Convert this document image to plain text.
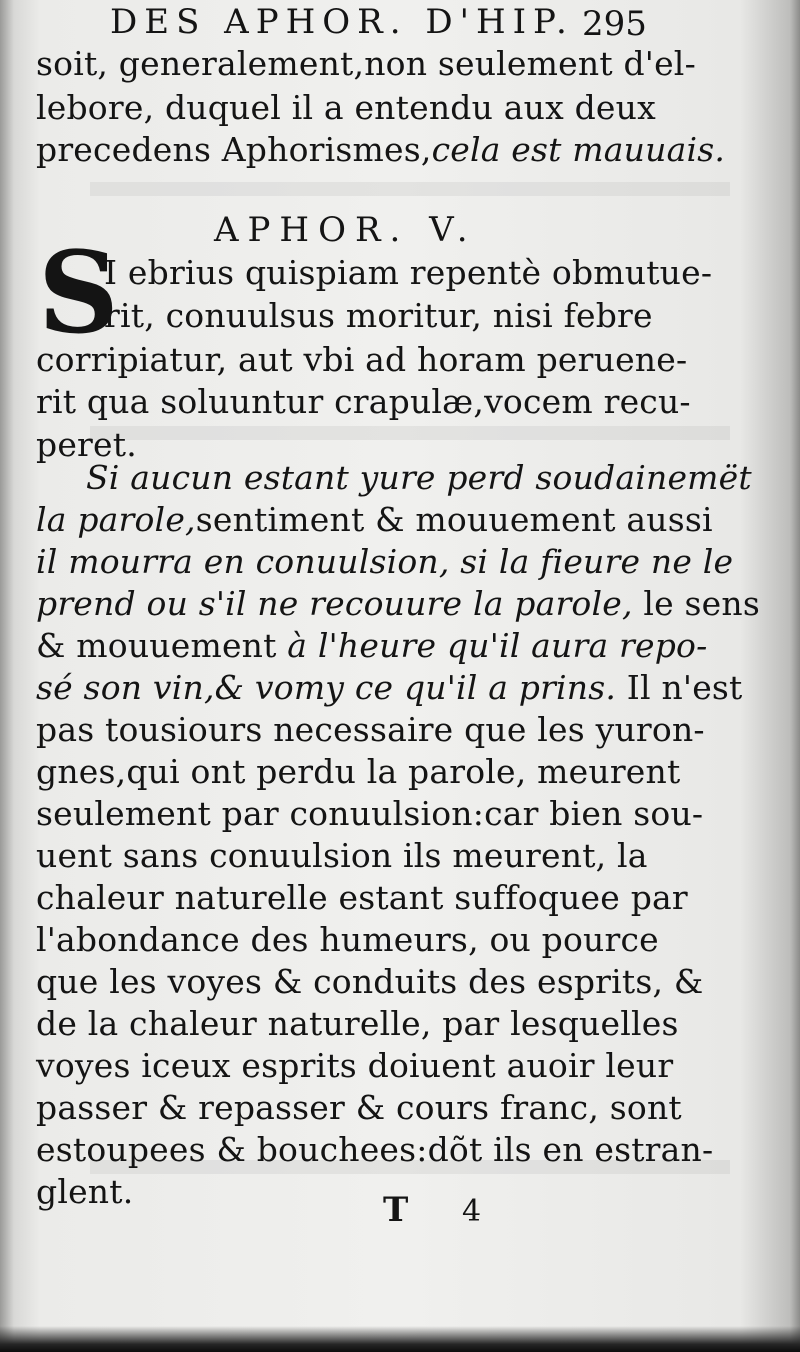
DES APHOR. D'HIP. 295
soit, generalement,non seulement d'el-
lebore, duquel il a entendu aux deux
precedens Aphorismes,cela est mauuais.
APHOR. V.
S
I ebrius quispiam repentè obmutue-
rit, conuulsus moritur, nisi febre
corripiatur, aut vbi ad horam peruene-
rit qua soluuntur crapulæ,vocem recu-
peret.
Si aucun estant yure perd soudainemët
la parole,sentiment & mouuement aussi
il mourra en conuulsion, si la fieure ne le
prend ou s'il ne recouure la parole, le sens
& mouuement à l'heure qu'il aura repo-
sé son vin,& vomy ce qu'il a prins. Il n'est
pas tousiours necessaire que les yuron-
gnes,qui ont perdu la parole, meurent
seulement par conuulsion:car bien sou-
uent sans conuulsion ils meurent, la
chaleur naturelle estant suffoquee par
l'abondance des humeurs, ou pource
que les voyes & conduits des esprits, &
de la chaleur naturelle, par lesquelles
voyes iceux esprits doiuent auoir leur
passer & repasser & cours franc, sont
estoupees & bouchees:dõt ils en estran-
glent.	T 4
